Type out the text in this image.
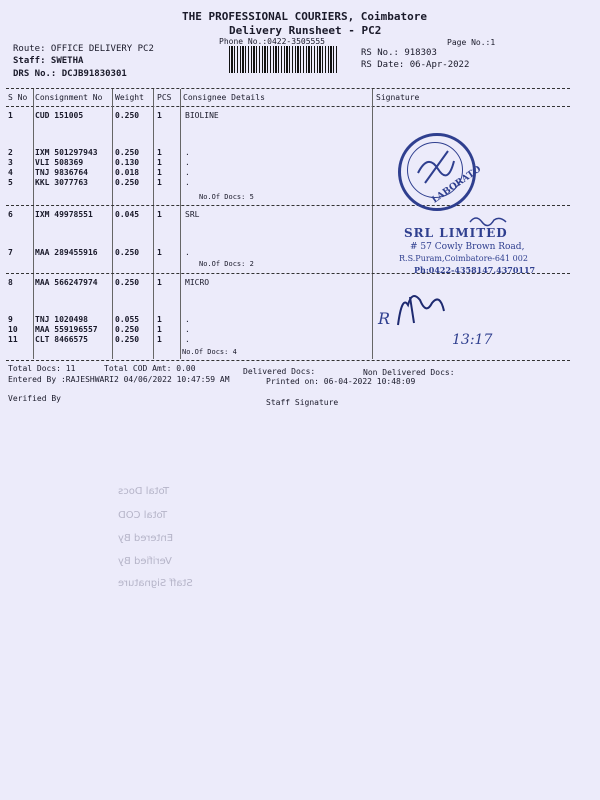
THE PROFESSIONAL COURIERS, Coimbatore
Delivery Runsheet - PC2
Phone No.:0422-3505555	Page No.:1
Route: OFFICE DELIVERY PC2
Staff: SWETHA
DRS No.: DCJB91830301
RS No.: 918303
RS Date: 06-Apr-2022
S No Consignment No Weight PCS Consignee Details	Signature
1	CUD 151005	0.250 1	BIOLINE
2	IXM 501297943 0.250 1	.
3	VLI 508369	0.130 1	.
4	TNJ 9836764	0.018 1	.
5	KKL 3077763	0.250 1	.
No.Of Docs: 5
6	IXM 49978551	0.045 1	SRL
7	MAA 289455916 0.250 1	.
No.Of Docs: 2
8	MAA 566247974 0.250 1	MICRO
9	TNJ 1020498	0.055 1	.
10 MAA 559196557 0.250 1	.
11 CLT 8466575	0.250 1	.
No.Of Docs: 4
LABORATO
SRL LIMITED
# 57 Cowly Brown Road,
R.S.Puram,Coimbatore-641 002
Ph:0422-4358147,4370117
R
13:17
Total Docs: 11	Total COD Amt: 0.00	Delivered Docs:	Non Delivered Docs:
Entered By :RAJESHWARI2 04/06/2022 10:47:59 AM	Printed on: 06-04-2022 10:48:09
Verified By	Staff Signature
Total Docs
Total COD
Entered By
Verified By
Staff Signature
